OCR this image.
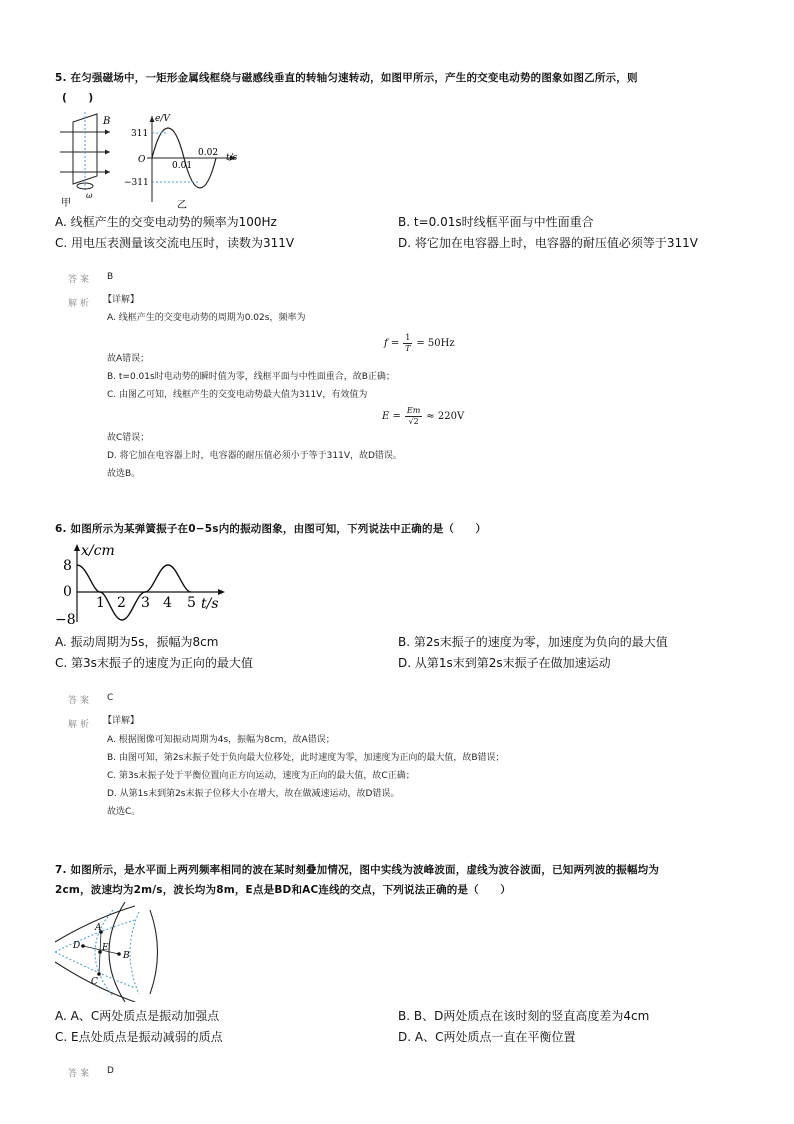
5. 在匀强磁场中，一矩形金属线框绕与磁感线垂直的转轴匀速转动，如图甲所示，产生的交变电动势的图象如图乙所示，则
(　　)
B
ω
甲
e/V
t/s
O
311
−311
0.01
0.02
乙
A. 线框产生的交变电动势的频率为100Hz	B. t=0.01s时线框平面与中性面重合
C. 用电压表测量该交流电压时，读数为311V	D. 将它加在电容器上时，电容器的耐压值必须等于311V
答案 B
解析 【详解】
A. 线框产生的交变电动势的周期为0.02s，频率为
$f = \frac{1}{T} = 50Hz$
故A错误；
B. t=0.01s时电动势的瞬时值为零，线框平面与中性面重合，故B正确；
C. 由图乙可知，线框产生的交变电动势最大值为311V，有效值为
$E = \frac{Em}{√2} \approx 220V$
故C错误；
D. 将它加在电容器上时，电容器的耐压值必须小于等于311V，故D错误。
故选B。
6. 如图所示为某弹簧振子在0−5s内的振动图象，由图可知，下列说法中正确的是（　　）
x/cm
t/s
8
0
−8
1 2 3 4 5
A. 振动周期为5s，振幅为8cm	B. 第2s末振子的速度为零，加速度为负向的最大值
C. 第3s末振子的速度为正向的最大值	D. 从第1s末到第2s末振子在做加速运动
答案 C
解析 【详解】
A. 根据图像可知振动周期为4s，振幅为8cm，故A错误；
B. 由图可知，第2s末振子处于负向最大位移处，此时速度为零，加速度为正向的最大值，故B错误；
C. 第3s末振子处于平衡位置向正方向运动，速度为正向的最大值，故C正确；
D. 从第1s末到第2s末振子位移大小在增大，故在做减速运动，故D错误。
故选C。
7. 如图所示，是水平面上两列频率相同的波在某时刻叠加情况，图中实线为波峰波面，虚线为波谷波面，已知两列波的振幅均为
2cm，波速均为2m/s，波长均为8m，E点是BD和AC连线的交点，下列说法正确的是（　　）
A
D E
B
C
A. A、C两处质点是振动加强点	B. B、D两处质点在该时刻的竖直高度差为4cm
C. E点处质点是振动减弱的质点	D. A、C两处质点一直在平衡位置
答案 D
